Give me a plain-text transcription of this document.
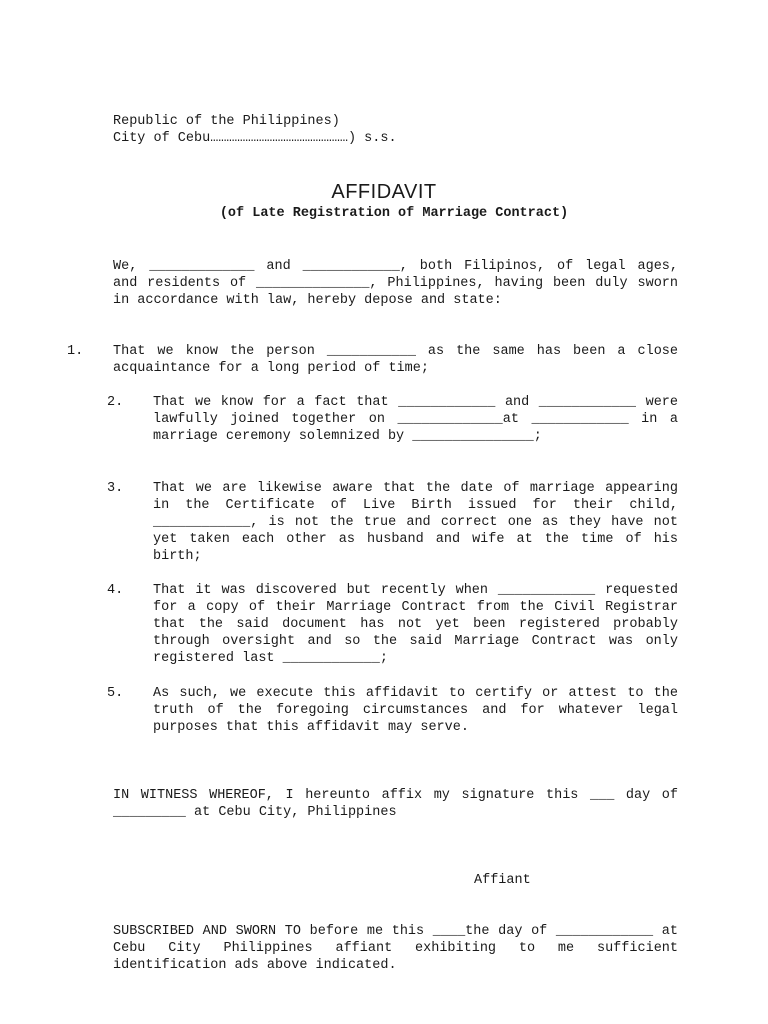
Republic of the Philippines)
City of Cebu……………………………………………) s.s.
AFFIDAVIT
(of Late Registration of Marriage Contract)
We, _____________ and ____________, both Filipinos, of legal ages, and residents of ______________, Philippines, having been duly sworn in accordance with law, hereby depose and state:
1. That we know the person ___________ as the same has been a close acquaintance for a long period of time;
2. That we know for a fact that ____________ and ____________ were lawfully joined together on _____________at ____________ in a marriage ceremony solemnized by _______________;
3. That we are likewise aware that the date of marriage appearing in the Certificate of Live Birth issued for their child, ____________, is not the true and correct one as they have not yet taken each other as husband and wife at the time of his birth;
4. That it was discovered but recently when ____________ requested for a copy of their Marriage Contract from the Civil Registrar that the said document has not yet been registered probably through oversight and so the said Marriage Contract was only registered last ____________;
5. As such, we execute this affidavit to certify or attest to the truth of the foregoing circumstances and for whatever legal purposes that this affidavit may serve.
IN WITNESS WHEREOF, I hereunto affix my signature this ___ day of _________ at Cebu City, Philippines
Affiant
SUBSCRIBED AND SWORN TO before me this ____the day of ____________ at Cebu City Philippines affiant exhibiting to me sufficient identification ads above indicated.
